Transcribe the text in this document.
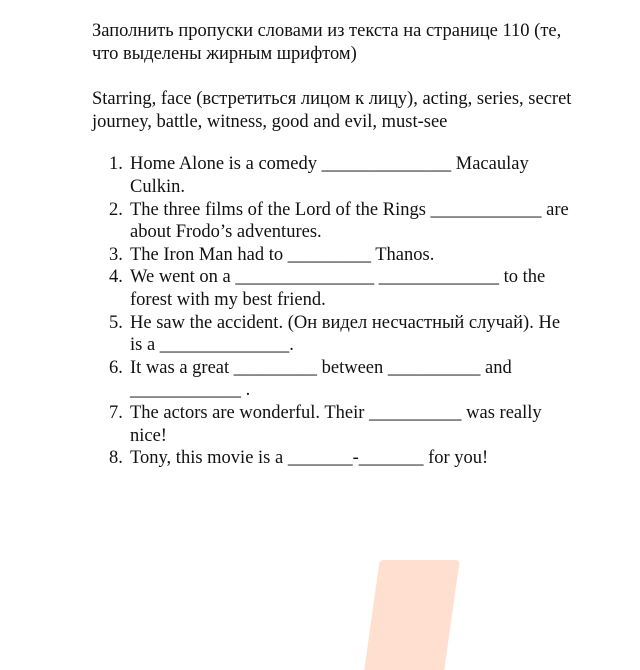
Заполнить пропуски словами из текста на странице 110 (те,
что выделены жирным шрифтом)

Starring, face (встретиться лицом к лицу), acting, series, secret
journey, battle, witness, good and evil, must-see

1. Home Alone is a comedy ______________ Macaulay
Culkin.
2. The three films of the Lord of the Rings ____________ are
about Frodo’s adventures.
3. The Iron Man had to _________ Thanos.
4. We went on a _______________ _____________ to the
forest with my best friend.
5. He saw the accident. (Он видел несчастный случай). He
is a ______________.
6. It was a great _________ between __________ and
____________ .
7. The actors are wonderful. Their __________ was really
nice!
8. Tony, this movie is a _______-_______ for you!
